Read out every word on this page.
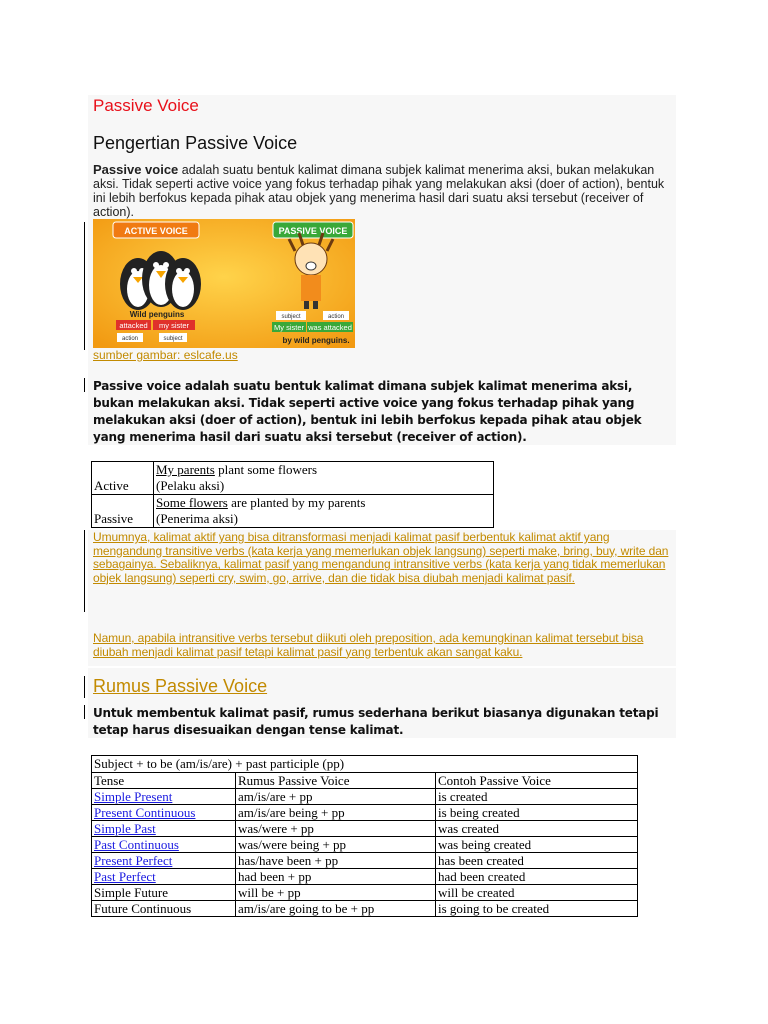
Passive Voice
Pengertian Passive Voice
Passive voice adalah suatu bentuk kalimat dimana subjek kalimat menerima aksi, bukan melakukan aksi. Tidak seperti active voice yang fokus terhadap pihak yang melakukan aksi (doer of action), bentuk ini lebih berfokus kepada pihak atau objek yang menerima hasil dari suatu aksi tersebut (receiver of action).
ACTIVE VOICE	PASSIVE VOICE
Wild penguins
attacked my sister
action	subject
subject	action
My sister was attacked
by wild penguins.
sumber gambar: eslcafe.us
Passive voice adalah suatu bentuk kalimat dimana subjek kalimat menerima aksi, bukan melakukan aksi. Tidak seperti active voice yang fokus terhadap pihak yang melakukan aksi (doer of action), bentuk ini lebih berfokus kepada pihak atau objek yang menerima hasil dari suatu aksi tersebut (receiver of action).
Active	My parents plant some flowers
(Pelaku aksi)
Passive	Some flowers are planted by my parents
(Penerima aksi)
Umumnya, kalimat aktif yang bisa ditransformasi menjadi kalimat pasif berbentuk kalimat aktif yang mengandung transitive verbs (kata kerja yang memerlukan objek langsung) seperti make, bring, buy, write dan sebagainya. Sebaliknya, kalimat pasif yang mengandung intransitive verbs (kata kerja yang tidak memerlukan objek langsung) seperti cry, swim, go, arrive, dan die tidak bisa diubah menjadi kalimat pasif.
Namun, apabila intransitive verbs tersebut diikuti oleh preposition, ada kemungkinan kalimat tersebut bisa diubah menjadi kalimat pasif tetapi kalimat pasif yang terbentuk akan sangat kaku.
Rumus Passive Voice
Untuk membentuk kalimat pasif, rumus sederhana berikut biasanya digunakan tetapi tetap harus disesuaikan dengan tense kalimat.
Subject + to be (am/is/are) + past participle (pp)		
Tense	Rumus Passive Voice	Contoh Passive Voice
Simple Present	am/is/are + pp	is created
Present Continuous	am/is/are being + pp	is being created
Simple Past	was/were + pp	was created
Past Continuous	was/were being + pp	was being created
Present Perfect	has/have been + pp	has been created
Past Perfect	had been + pp	had been created
Simple Future	will be + pp	will be created
Future Continuous	am/is/are going to be + pp	is going to be created
